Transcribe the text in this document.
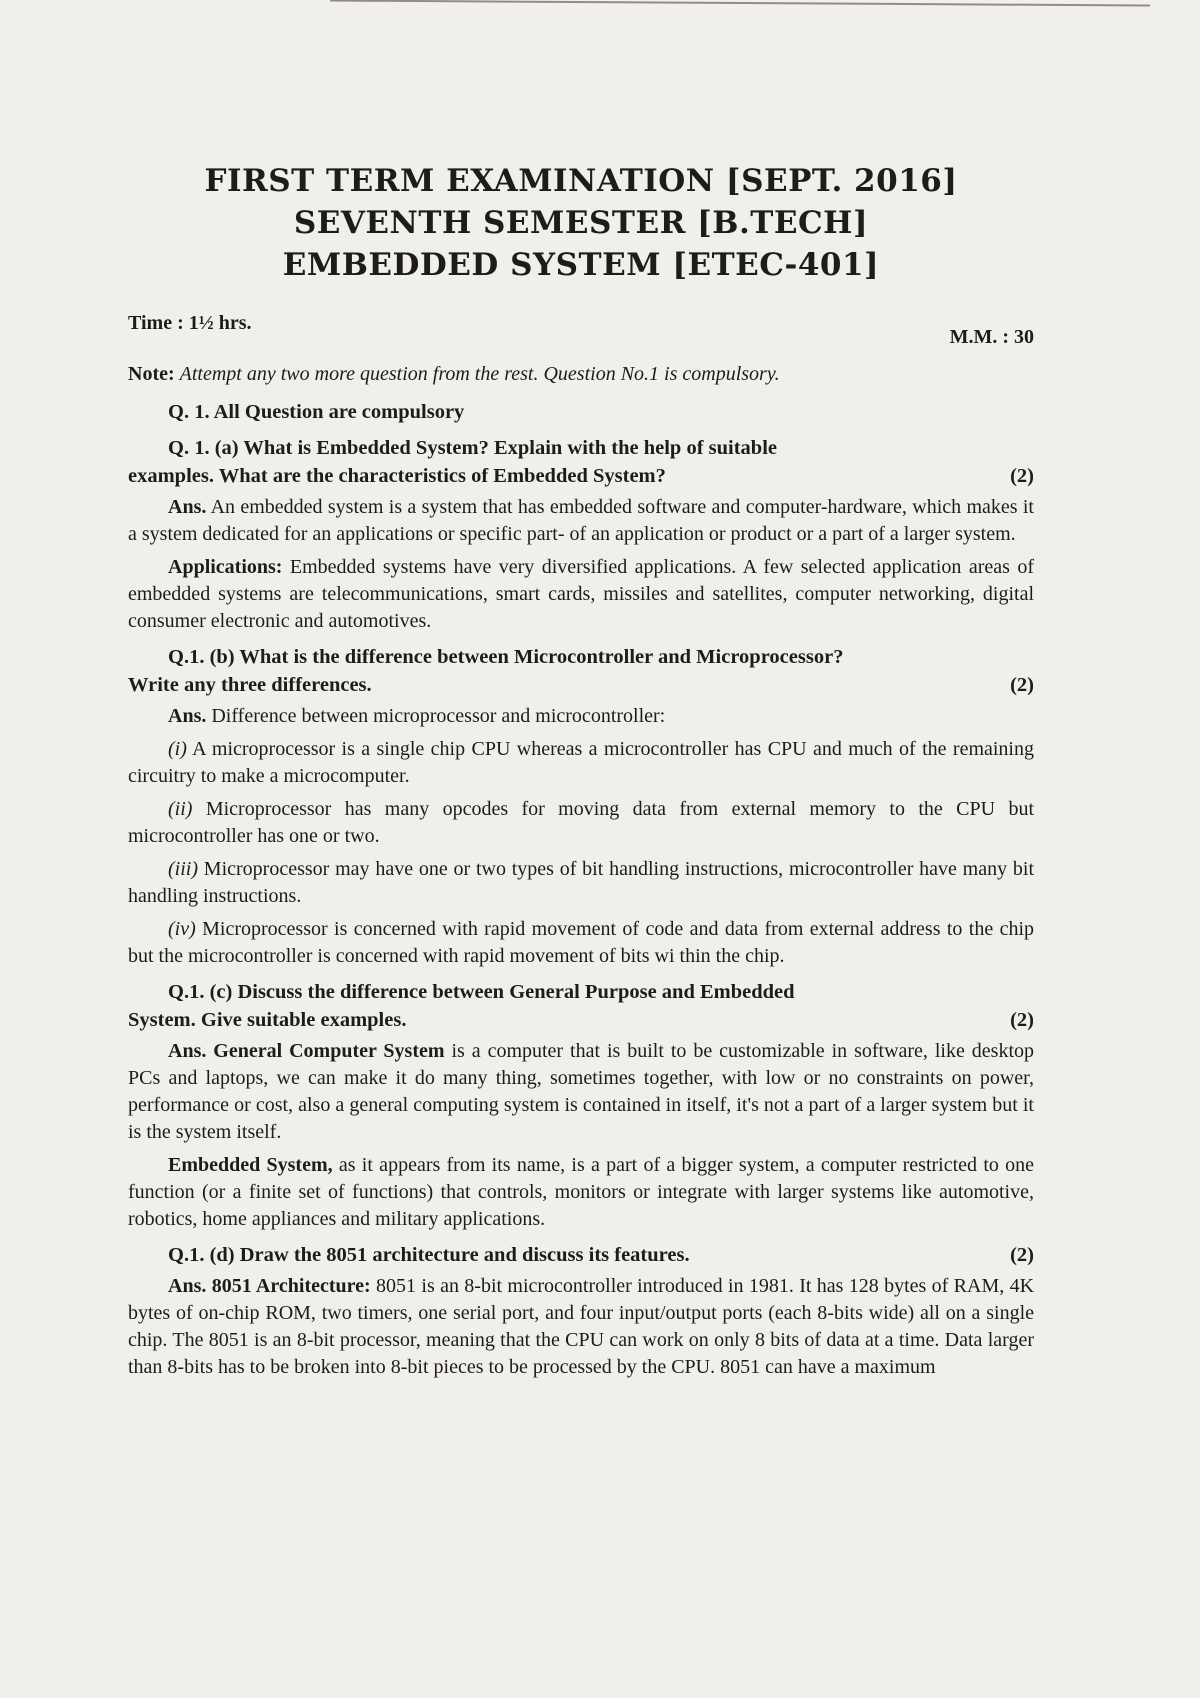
FIRST TERM EXAMINATION [SEPT. 2016]
SEVENTH SEMESTER [B.TECH]
EMBEDDED SYSTEM [ETEC-401]
Time : 1½ hrs.
M.M. : 30
Note: Attempt any two more question from the rest. Question No.1 is compulsory.
Q. 1. All Question are compulsory
Q. 1. (a) What is Embedded System? Explain with the help of suitable
examples. What are the characteristics of Embedded System?	(2)
Ans. An embedded system is a system that has embedded software and computer-hardware, which makes it a system dedicated for an applications or specific part- of an application or product or a part of a larger system.
Applications: Embedded systems have very diversified applications. A few selected application areas of embedded systems are telecommunications, smart cards, missiles and satellites, computer networking, digital consumer electronic and automotives.
Q.1. (b) What is the difference between Microcontroller and Microprocessor?
Write any three differences.	(2)
Ans. Difference between microprocessor and microcontroller:
(i) A microprocessor is a single chip CPU whereas a microcontroller has CPU and much of the remaining circuitry to make a microcomputer.
(ii) Microprocessor has many opcodes for moving data from external memory to the CPU but microcontroller has one or two.
(iii) Microprocessor may have one or two types of bit handling instructions, microcontroller have many bit handling instructions.
(iv) Microprocessor is concerned with rapid movement of code and data from external address to the chip but the microcontroller is concerned with rapid movement of bits wi thin the chip.
Q.1. (c) Discuss the difference between General Purpose and Embedded
System. Give suitable examples.	(2)
Ans. General Computer System is a computer that is built to be customizable in software, like desktop PCs and laptops, we can make it do many thing, sometimes together, with low or no constraints on power, performance or cost, also a general computing system is contained in itself, it's not a part of a larger system but it is the system itself.
Embedded System, as it appears from its name, is a part of a bigger system, a computer restricted to one function (or a finite set of functions) that controls, monitors or integrate with larger systems like automotive, robotics, home appliances and military applications.
Q.1. (d) Draw the 8051 architecture and discuss its features.	(2)
Ans. 8051 Architecture: 8051 is an 8-bit microcontroller introduced in 1981. It has 128 bytes of RAM, 4K bytes of on-chip ROM, two timers, one serial port, and four input/output ports (each 8-bits wide) all on a single chip. The 8051 is an 8-bit processor, meaning that the CPU can work on only 8 bits of data at a time. Data larger than 8-bits has to be broken into 8-bit pieces to be processed by the CPU. 8051 can have a maximum
